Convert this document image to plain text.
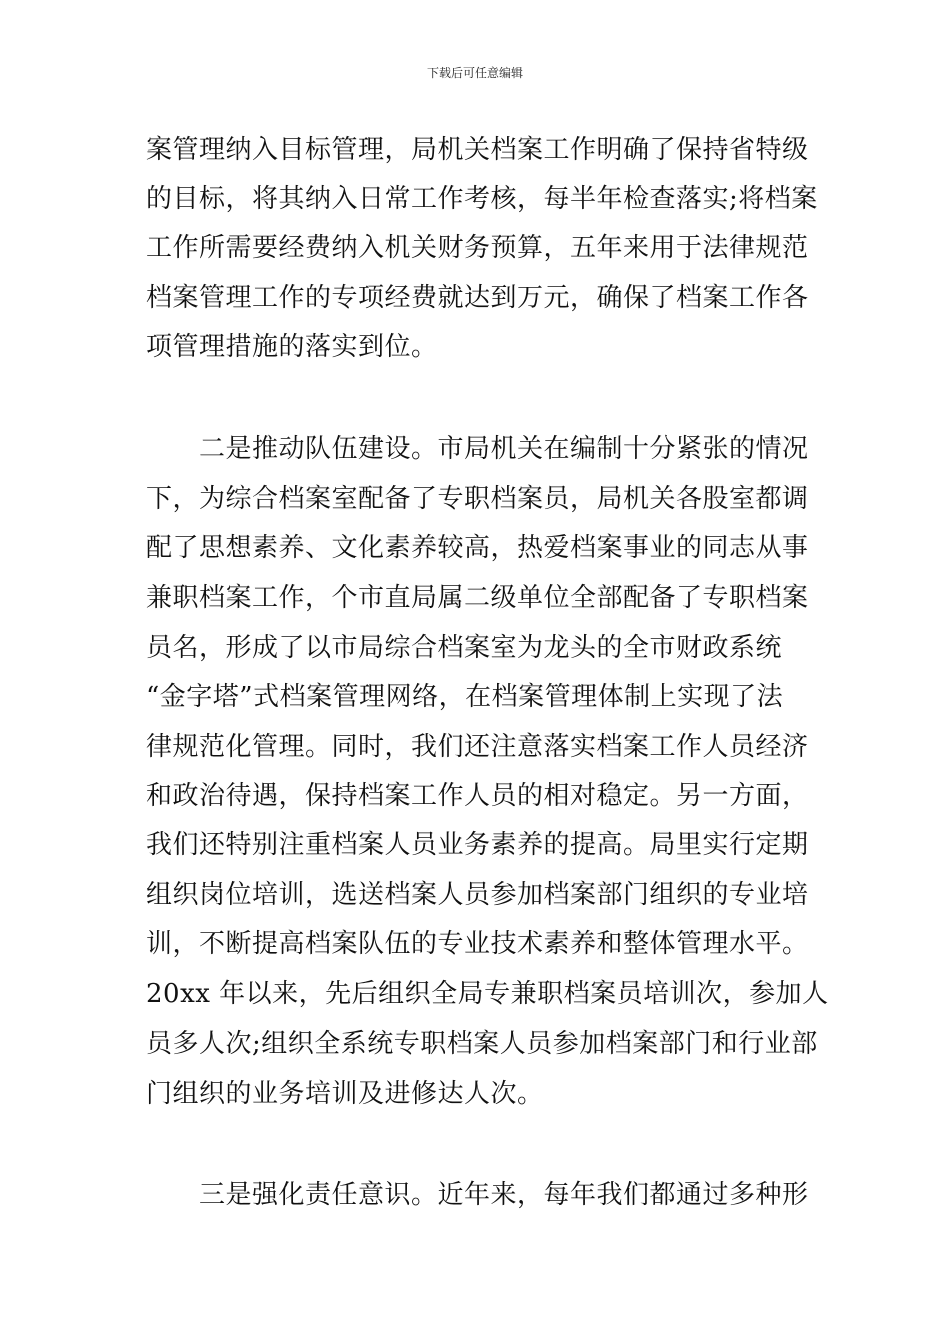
下载后可任意编辑
案管理纳入目标管理，局机关档案工作明确了保持省特级
的目标，将其纳入日常工作考核，每半年检查落实;将档案
工作所需要经费纳入机关财务预算，五年来用于法律规范
档案管理工作的专项经费就达到万元，确保了档案工作各
项管理措施的落实到位。
　　二是推动队伍建设。市局机关在编制十分紧张的情况
下，为综合档案室配备了专职档案员，局机关各股室都调
配了思想素养、文化素养较高，热爱档案事业的同志从事
兼职档案工作，个市直局属二级单位全部配备了专职档案
员名，形成了以市局综合档案室为龙头的全市财政系统
“金字塔”式档案管理网络，在档案管理体制上实现了法
律规范化管理。同时，我们还注意落实档案工作人员经济
和政治待遇，保持档案工作人员的相对稳定。另一方面，
我们还特别注重档案人员业务素养的提高。局里实行定期
组织岗位培训，选送档案人员参加档案部门组织的专业培
训，不断提高档案队伍的专业技术素养和整体管理水平。
20xx 年以来，先后组织全局专兼职档案员培训次，参加人
员多人次;组织全系统专职档案人员参加档案部门和行业部
门组织的业务培训及进修达人次。
　　三是强化责任意识。近年来，每年我们都通过多种形
